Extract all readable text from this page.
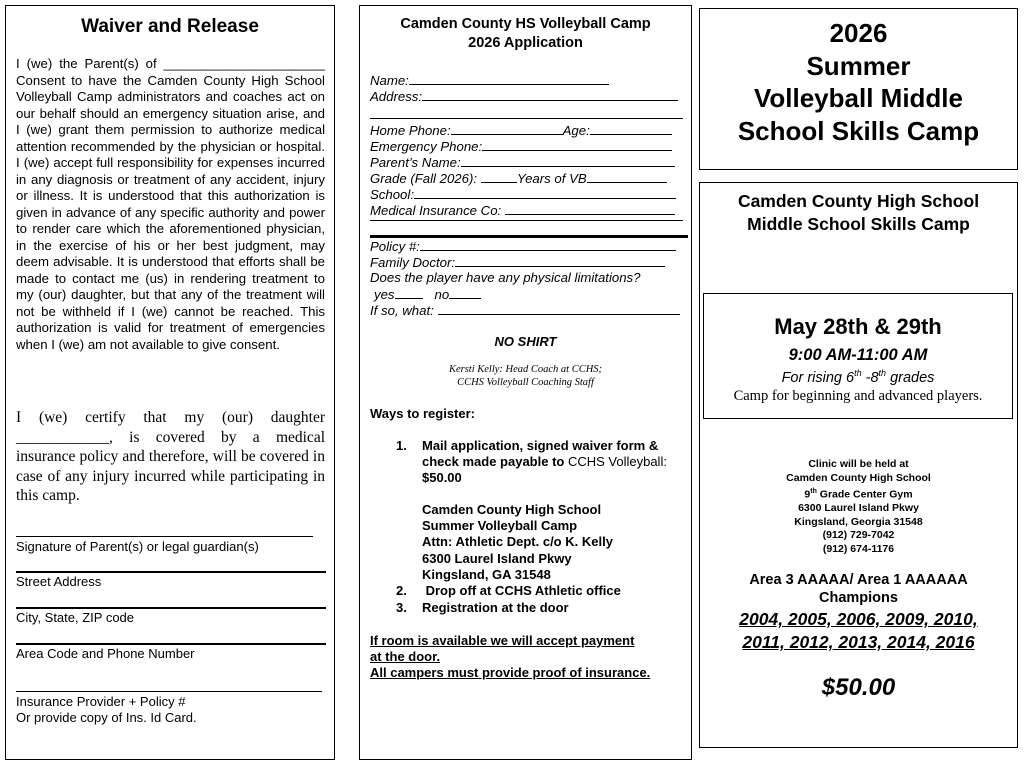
Waiver and Release

I (we) the Parent(s) of ______________________ Consent to have the Camden County High School Volleyball Camp administrators and coaches act on our behalf should an emergency situation arise, and I (we) grant them permission to authorize medical attention recommended by the physician or hospital. I (we) accept full responsibility for expenses incurred in any diagnosis or treatment of any accident, injury or illness. It is understood that this authorization is given in advance of any specific authority and power to render care which the aforementioned physician, in the exercise of his or her best judgment, may deem advisable. It is understood that efforts shall be made to contact me (us) in rendering treatment to my (our) daughter, but that any of the treatment will not be withheld if I (we) cannot be reached. This authorization is valid for treatment of emergencies when I (we) am not available to give consent.

I (we) certify that my (our) daughter ____________, is covered by a medical insurance policy and therefore, will be covered in case of any injury incurred while participating in this camp.

Signature of Parent(s) or legal guardian(s)
Street Address
City, State, ZIP code
Area Code and Phone Number
Insurance Provider + Policy #
Or provide copy of Ins. Id Card.
Camden County HS Volleyball Camp
2026 Application
Name:
Address:
Home Phone:	Age:
Emergency Phone:
Parent’s Name:
Grade (Fall 2026):	Years of VB
School:
Medical Insurance Co:
Policy #:
Family Doctor:
Does the player have any physical limitations?
yes	no
If so, what:
NO SHIRT
Kersti Kelly: Head Coach at CCHS;
CCHS Volleyball Coaching Staff
Ways to register:
1. Mail application, signed waiver form &
check made payable to CCHS Volleyball:
$50.00
Camden County High School
Summer Volleyball Camp
Attn: Athletic Dept. c/o K. Kelly
6300 Laurel Island Pkwy
Kingsland, GA 31548
2. Drop off at CCHS Athletic office
3. Registration at the door
If room is available we will accept payment
at the door.
All campers must provide proof of insurance.
2026
Summer
Volleyball Middle
School Skills Camp
Camden County High School
Middle School Skills Camp
May 28th & 29th
9:00 AM-11:00 AM
For rising 6th -8th grades
Camp for beginning and advanced players.
Clinic will be held at
Camden County High School
9th Grade Center Gym
6300 Laurel Island Pkwy
Kingsland, Georgia 31548
(912) 729-7042
(912) 674-1176
Area 3 AAAAA/ Area 1 AAAAAA
Champions
2004, 2005, 2006, 2009, 2010,
2011, 2012, 2013, 2014, 2016
$50.00
